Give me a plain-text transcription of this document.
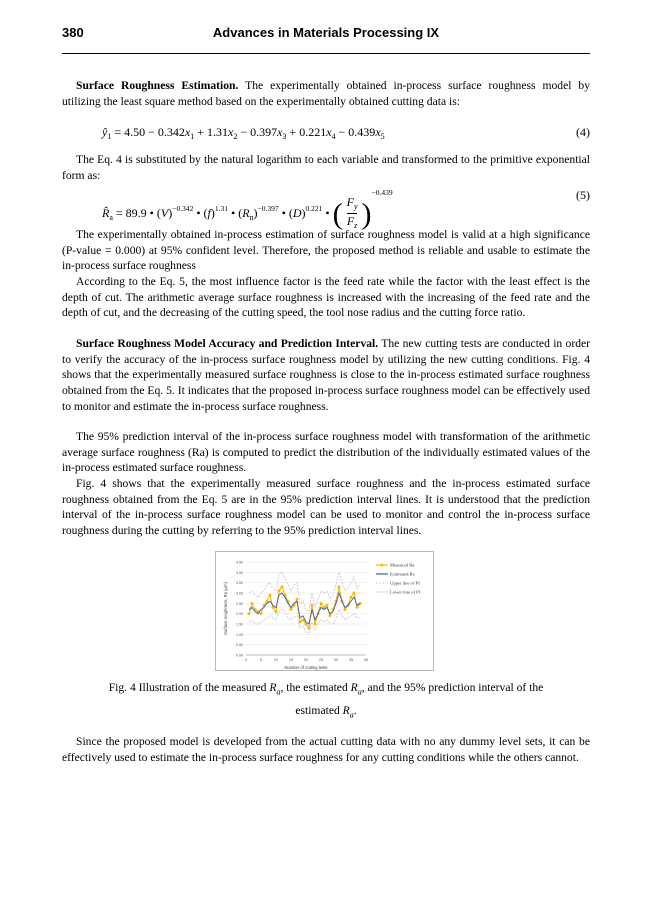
380	Advances in Materials Processing IX
Surface Roughness Estimation. The experimentally obtained in-process surface roughness model by utilizing the least square method based on the experimentally obtained cutting data is:
$ŷ_1 = 4.50 - 0.342x_1 + 1.31x_2 - 0.397x_3 + 0.221x_4 - 0.439x_5$	(4)
The Eq. 4 is substituted by the natural logarithm to each variable and transformed to the primitive exponential form as:
$R̂_a = 89.9$ • $(V)^{-0.342}$ • $(f)^{1.31}$ • $(R_n)^{-0.397}$ • $(D)^{0.221}$ • ( $\frac{F_y}{F_z} )^{-0.439}$	(5)
The experimentally obtained in-process estimation of surface roughness model is valid at a high significance (P-value = 0.000) at 95% confident level. Therefore, the proposed method is reliable and usable to estimate the in-process surface roughness
According to the Eq. 5, the most influence factor is the feed rate while the factor with the least effect is the depth of cut. The arithmetic average surface roughness is increased with the increasing of the feed rate and the depth of cut, and the decreasing of the cutting speed, the tool nose radius and the cutting force ratio.
Surface Roughness Model Accuracy and Prediction Interval. The new cutting tests are conducted in order to verify the accuracy of the in-process surface roughness model by utilizing the new cutting conditions. Fig. 4 shows that the experimentally measured surface roughness is close to the in-process estimated surface roughness obtained from the Eq. 5. It indicates that the proposed in-process surface roughness model can be effectively used to monitor and estimate the in-process surface roughness.
The 95% prediction interval of the in-process surface roughness model with transformation of the arithmetic average surface roughness (Ra) is computed to predict the distribution of the individually estimated values of the in-process estimated surface roughness.
Fig. 4 shows that the experimentally measured surface roughness and the in-process estimated surface roughness obtained from the Eq. 5 are in the 95% prediction interval lines. It is understood that the prediction interval of the in-process surface roughness model can be used to monitor and control the in-process surface roughness during the cutting by referring to the 95% prediction interval lines.
0.00
0.50
1.00
1.50
2.00
2.50
3.00
3.50
4.00
4.50
0	5	10	15	20	25	30	35	40
Number of cutting tests
Surface roughness, Ra (µm)
Measured Ra
Estimated Ra
Upper line of PI
Lower line of PI
Fig. 4 Illustration of the measured $R_a$, the estimated $R_a$, and the 95% prediction interval of the
estimated $R_a$.
Since the proposed model is developed from the actual cutting data with no any dummy level sets, it can be effectively used to estimate the in-process surface roughness for any cutting conditions while the others cannot.
